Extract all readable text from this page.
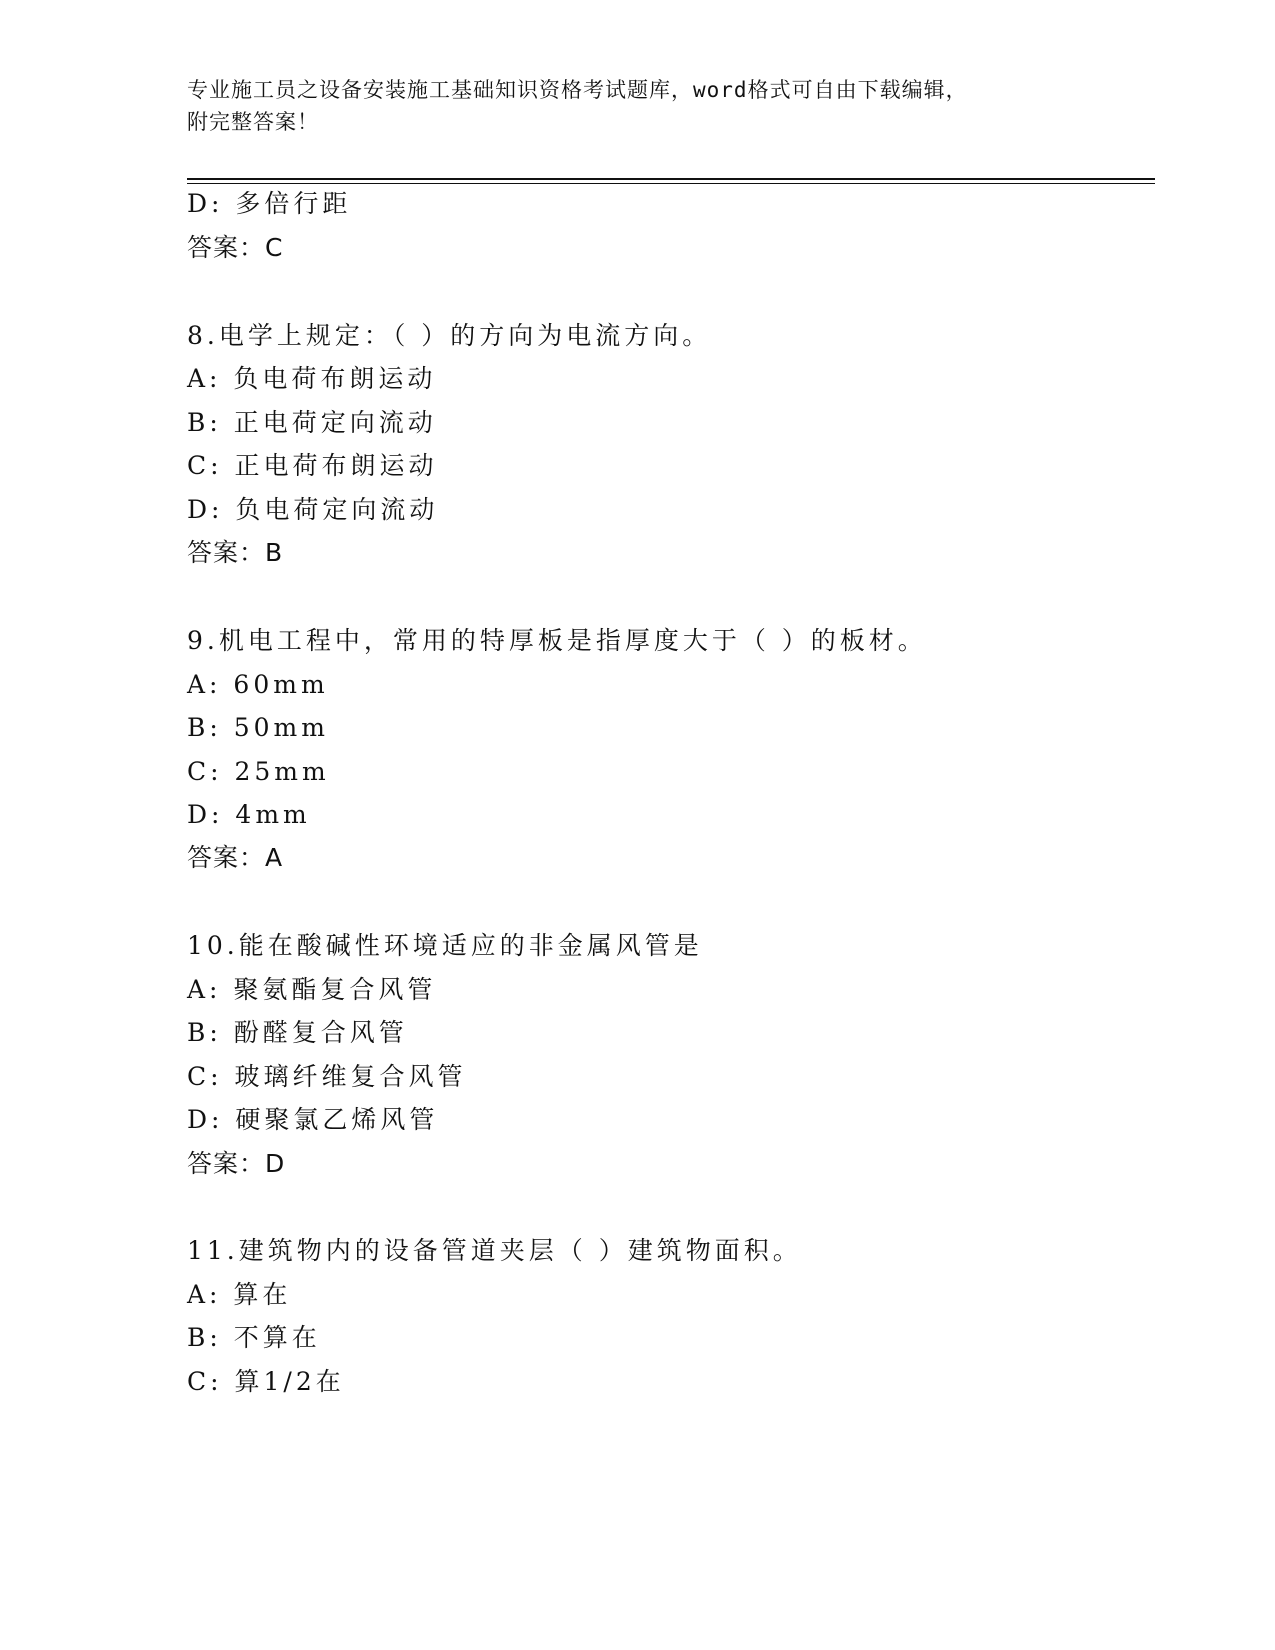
专业施工员之设备安装施工基础知识资格考试题库，word格式可自由下载编辑，
附完整答案！
D: 多倍行距
答案：C
8.电学上规定：（ ）的方向为电流方向。
A: 负电荷布朗运动
B: 正电荷定向流动
C: 正电荷布朗运动
D: 负电荷定向流动
答案：B
9.机电工程中，常用的特厚板是指厚度大于（ ）的板材。
A: 60mm
B: 50mm
C: 25mm
D: 4mm
答案：A
10.能在酸碱性环境适应的非金属风管是
A: 聚氨酯复合风管
B: 酚醛复合风管
C: 玻璃纤维复合风管
D: 硬聚氯乙烯风管
答案：D
11.建筑物内的设备管道夹层（ ）建筑物面积。
A: 算在
B: 不算在
C: 算1/2在
